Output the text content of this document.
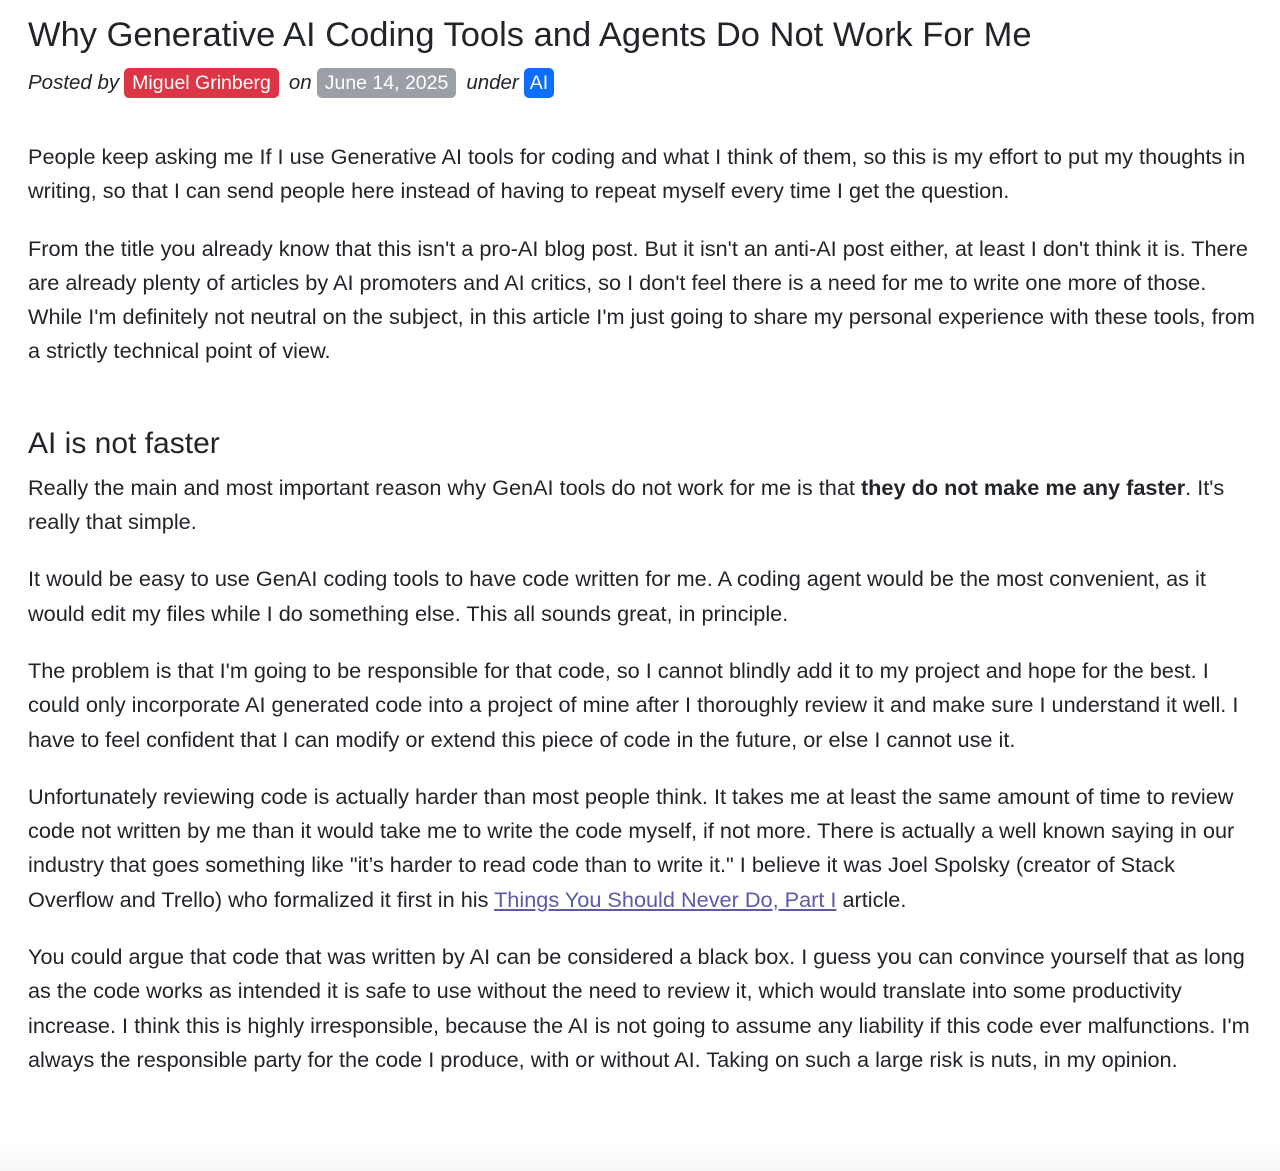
Why Generative AI Coding Tools and Agents Do Not Work For Me
Posted by Miguel Grinberg on June 14, 2025 under AI

People keep asking me If I use Generative AI tools for coding and what I think of them, so this is my effort to put my thoughts in writing, so that I can send people here instead of having to repeat myself every time I get the question.

From the title you already know that this isn't a pro-AI blog post. But it isn't an anti-AI post either, at least I don't think it is. There are already plenty of articles by AI promoters and AI critics, so I don't feel there is a need for me to write one more of those. While I'm definitely not neutral on the subject, in this article I'm just going to share my personal experience with these tools, from a strictly technical point of view.

AI is not faster

Really the main and most important reason why GenAI tools do not work for me is that they do not make me any faster. It's really that simple.

It would be easy to use GenAI coding tools to have code written for me. A coding agent would be the most convenient, as it would edit my files while I do something else. This all sounds great, in principle.

The problem is that I'm going to be responsible for that code, so I cannot blindly add it to my project and hope for the best. I could only incorporate AI generated code into a project of mine after I thoroughly review it and make sure I understand it well. I have to feel confident that I can modify or extend this piece of code in the future, or else I cannot use it.

Unfortunately reviewing code is actually harder than most people think. It takes me at least the same amount of time to review code not written by me than it would take me to write the code myself, if not more. There is actually a well known saying in our industry that goes something like "it’s harder to read code than to write it." I believe it was Joel Spolsky (creator of Stack Overflow and Trello) who formalized it first in his Things You Should Never Do, Part I article.

You could argue that code that was written by AI can be considered a black box. I guess you can convince yourself that as long as the code works as intended it is safe to use without the need to review it, which would translate into some productivity increase. I think this is highly irresponsible, because the AI is not going to assume any liability if this code ever malfunctions. I'm always the responsible party for the code I produce, with or without AI. Taking on such a large risk is nuts, in my opinion.
